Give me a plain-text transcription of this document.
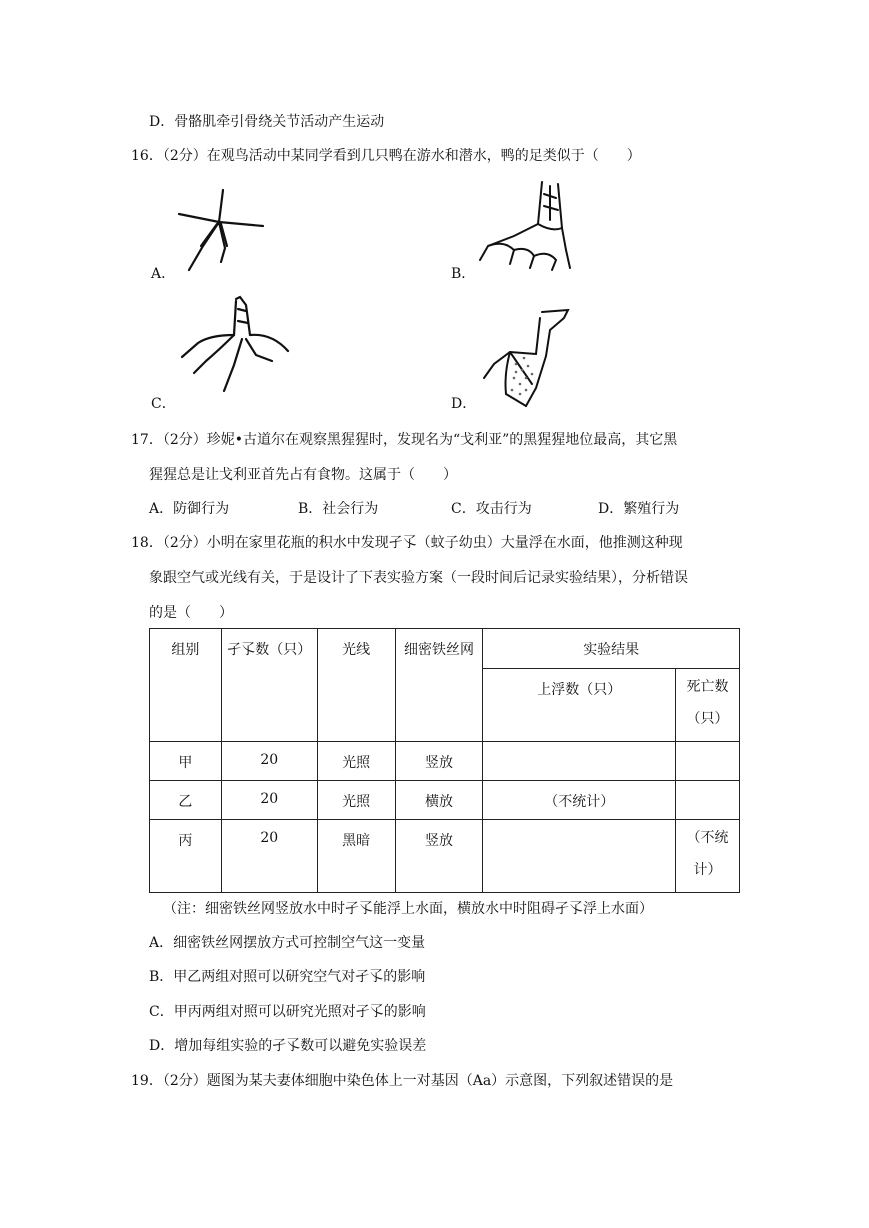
D．骨骼肌牵引骨绕关节活动产生运动
16．（2分）在观鸟活动中某同学看到几只鸭在游水和潜水，鸭的足类似于（　　）
A．	B．
C．	D．
17．（2分）珍妮•古道尔在观察黑猩猩时，发现名为“戈利亚”的黑猩猩地位最高，其它黑
猩猩总是让戈利亚首先占有食物。这属于（　　）
A．防御行为	B．社会行为	C．攻击行为	D．繁殖行为
18．（2分）小明在家里花瓶的积水中发现孑孓（蚊子幼虫）大量浮在水面，他推测这种现
象跟空气或光线有关，于是设计了下表实验方案（一段时间后记录实验结果），分析错误
的是（　　）
组别	孑孓数（只）	光线	细密铁丝网	实验结果	
				上浮数（只）	死亡数
（只）

甲	20	光照	竖放		
乙	20	光照	横放	（不统计）	
丙	20	黑暗	竖放		（不统
计）
（注：细密铁丝网竖放水中时孑孓能浮上水面，横放水中时阻碍孑孓浮上水面）
A．细密铁丝网摆放方式可控制空气这一变量
B．甲乙两组对照可以研究空气对孑孓的影响
C．甲丙两组对照可以研究光照对孑孓的影响
D．增加每组实验的孑孓数可以避免实验误差
19．（2分）题图为某夫妻体细胞中染色体上一对基因（Aa）示意图，下列叙述错误的是
